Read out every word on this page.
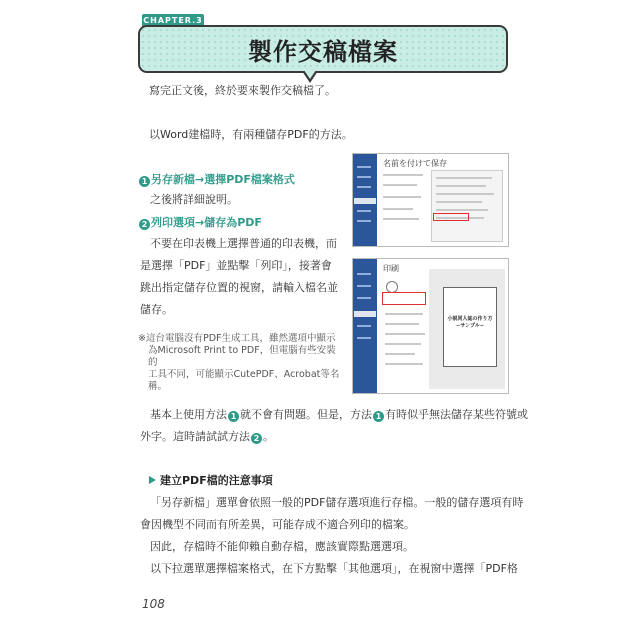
CHAPTER.3
製作交稿檔案
寫完正文後，終於要來製作交稿檔了。
以Word建檔時，有兩種儲存PDF的方法。
1 另存新檔→選擇PDF檔案格式
之後將詳細說明。
2 列印選項→儲存為PDF
不要在印表機上選擇普通的印表機，而
是選擇「PDF」並點擊「列印」，接著會
跳出指定儲存位置的視窗，請輸入檔名並
儲存。
※這台電腦沒有PDF生成工具，雖然選項中顯示
為Microsoft Print to PDF，但電腦有些安裝的
工具不同，可能顯示CutePDF、Acrobat等名
稱。
名前を付けて保存
印刷
小説同人誌の作り方
−サンプル−
基本上使用方法 1 就不會有問題。但是，方法 1 有時似乎無法儲存某些符號或
外字。這時請試試方法 2 。
建立PDF檔的注意事項
「另存新檔」選單會依照一般的PDF儲存選項進行存檔。一般的儲存選項有時
會因機型不同而有所差異，可能存成不適合列印的檔案。
因此，存檔時不能仰賴自動存檔，應該實際點選選項。
以下拉選單選擇檔案格式，在下方點擊「其他選項」，在視窗中選擇「PDF格
108
